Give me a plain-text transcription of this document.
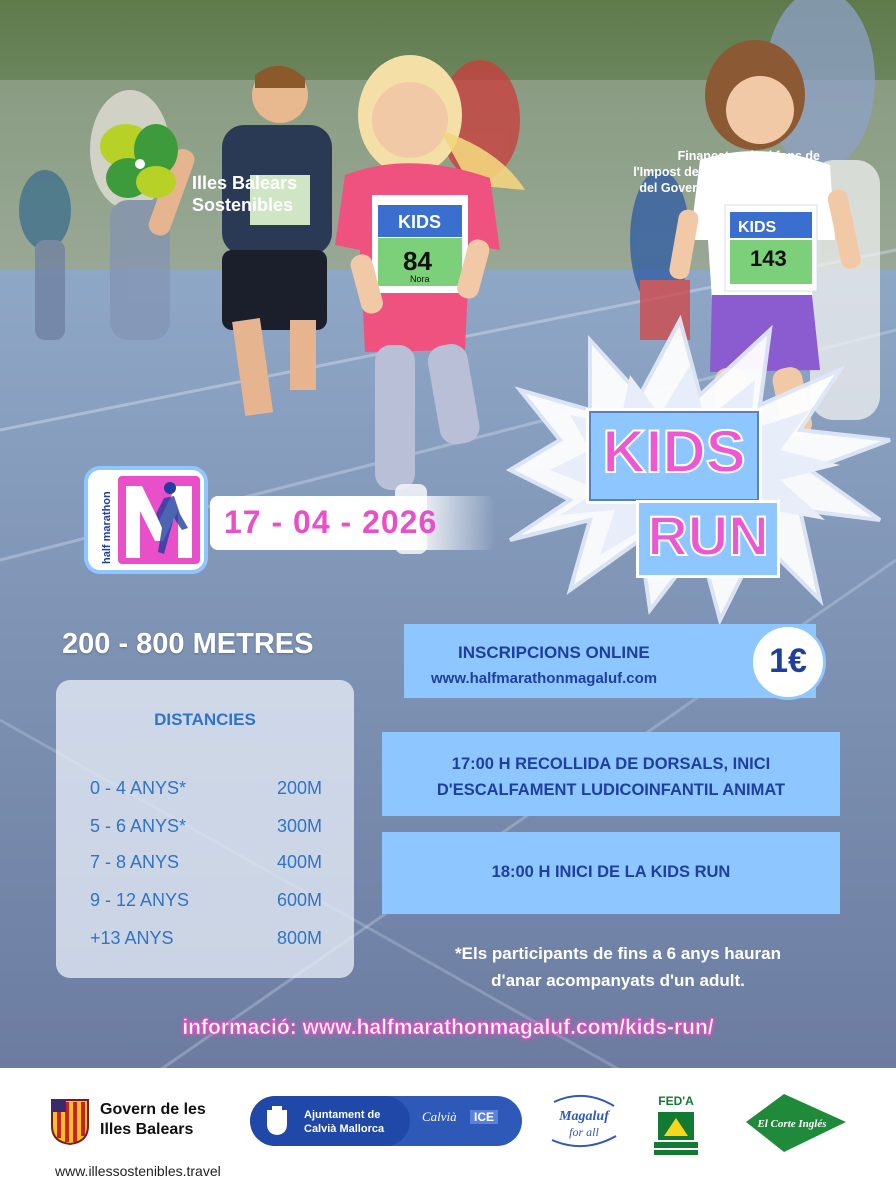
KIDS
84
Nora
KIDS
143
Illes Balears
Sostenibles
Finançat amb el fons de
l'Impost del Turisme Sostenible
del Govern de les Illes Balears
half marathon	17 - 04 - 2026
KIDS
RUN
200 - 800 METRES
DISTANCIES
0 - 4 ANYS*	200M
5 - 6 ANYS*	300M
7 - 8 ANYS	400M
9 - 12 ANYS	600M
+13 ANYS	800M
INSCRIPCIONS ONLINE
www.halfmarathonmagaluf.com	1€
17:00 H RECOLLIDA DE DORSALS, INICI
D'ESCALFAMENT LUDICOINFANTIL ANIMAT
18:00 H INICI DE LA KIDS RUN
*Els participants de fins a 6 anys hauran
d'anar acompanyats d'un adult.
informació: www.halfmarathonmagaluf.com/kids-run/
Govern de les
Illes Balears
www.illessostenibles.travel
Ajuntament de
Calvià Mallorca
Calvià	ICE	Magaluf
for all
FED'A
El Corte Inglés
